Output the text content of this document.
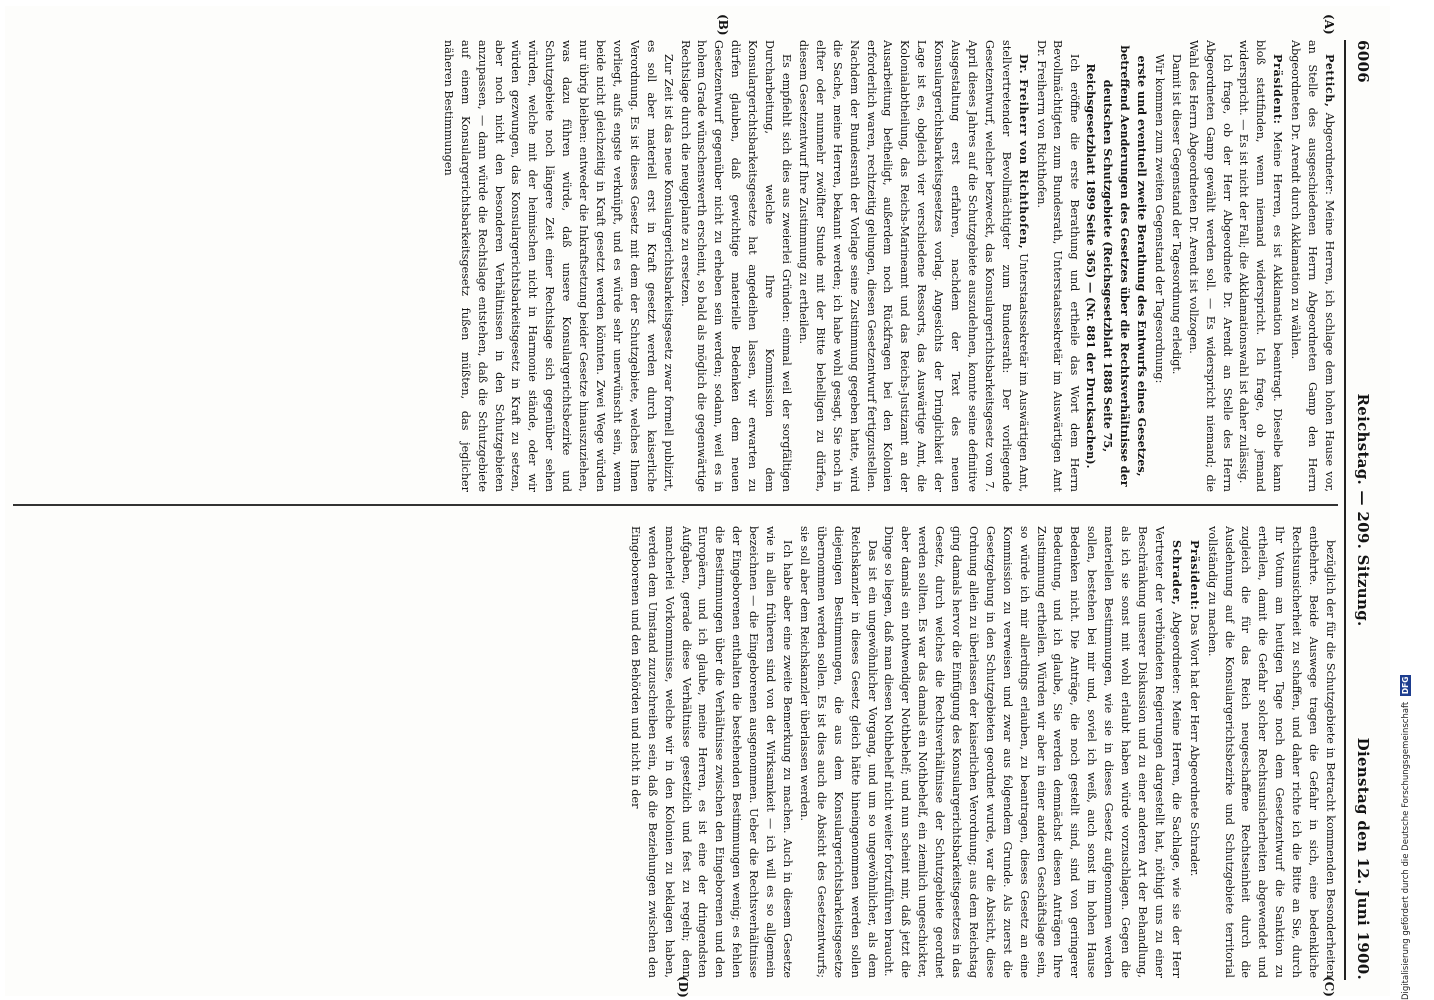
6006
Reichstag. — 209. Sitzung.
Dienstag den 12. Juni 1900.
(A)
(B)
(C)
(D)

Pettich, Abgeordneter: Meine Herren, ich schlage dem hohen Hause vor, an Stelle des ausgeschiedenen Herrn Abgeordneten Gamp den Herrn Abgeordneten Dr. Arendt durch Akklamation zu wählen.

Präsident: Meine Herren, es ist Akklamation beantragt. Dieselbe kann bloß stattfinden, wenn niemand widerspricht. Ich frage, ob jemand widerspricht. — Es ist nicht der Fall; die Akklamationswahl ist daher zulässig.

Ich frage, ob der Herr Abgeordnete Dr. Arendt an Stelle des Herrn Abgeordneten Gamp gewählt werden soll. — Es widerspricht niemand; die Wahl des Herrn Abgeordneten Dr. Arendt ist vollzogen.

Damit ist dieser Gegenstand der Tagesordnung erledigt.

Wir kommen zum zweiten Gegenstand der Tagesordnung:

erste und eventuell zweite Berathung des Entwurfs eines Gesetzes, betreffend Aenderungen des Gesetzes über die Rechtsverhältnisse der deutschen Schutzgebiete (Reichsgesetzblatt 1888 Seite 75, Reichsgesetzblatt 1899 Seite 365) — (Nr. 881 der Drucksachen).

Ich eröffne die erste Berathung und ertheile das Wort dem Herrn Bevollmächtigten zum Bundesrath, Unterstaatssekretär im Auswärtigen Amt Dr. Freiherrn von Richthofen.

Dr. Freiherr von Richthofen, Unterstaatssekretär im Auswärtigen Amt, stellvertretender Bevollmächtigter zum Bundesrath: Der vorliegende Gesetzentwurf, welcher bezweckt, das Konsulargerichtsbarkeitsgesetz vom 7. April dieses Jahres auf die Schutzgebiete auszudehnen, konnte seine definitive Ausgestaltung erst erfahren, nachdem der Text des neuen Konsulargerichtsbarkeitsgesetzes vorlag. Angesichts der Dringlichkeit der Lage ist es, obgleich vier verschiedene Ressorts, das Auswärtige Amt, die Kolonialabtheilung, das Reichs-Marineamt und das Reichs-Justizamt an der Ausarbeitung betheiligt, außerdem noch Rückfragen bei den Kolonien erforderlich waren, rechtzeitig gelungen, diesen Gesetzentwurf fertigzustellen. Nachdem der Bundesrath der Vorlage seine Zustimmung gegeben hatte, wird die Sache, meine Herren, bekannt werden; ich habe wohl gesagt, Sie noch in elfter oder nunmehr zwölfter Stunde mit der Bitte behelligen zu dürfen, diesem Gesetzentwurf Ihre Zustimmung zu ertheilen.

Es empfiehlt sich dies aus zweierlei Gründen: einmal weil der sorgfältigen Durcharbeitung, welche Ihre Kommission dem Konsulargerichtsbarkeitsgesetze hat angedeihen lassen, wir erwarten zu dürfen glauben, daß gewichtige materielle Bedenken dem neuen Gesetzentwurf gegenüber nicht zu erheben sein werden; sodann, weil es in hohem Grade wünschenswerth erscheint, so bald als möglich die gegenwärtige Rechtslage durch die neugeplante zu ersetzen.

Zur Zeit ist das neue Konsulargerichtsbarkeitsgesetz zwar formell publizirt, es soll aber materiell erst in Kraft gesetzt werden durch kaiserliche Verordnung. Es ist dieses Gesetz mit dem der Schutzgebiete, welches Ihnen vorliegt, aufs engste verknüpft, und es würde sehr unerwünscht sein, wenn beide nicht gleichzeitig in Kraft gesetzt werden könnten. Zwei Wege würden nur übrig bleiben: entweder die Inkraftsetzung beider Gesetze hinauszuziehen, was dazu führen würde, daß unsere Konsulargerichtsbezirke und Schutzgebiete noch längere Zeit einer Rechtslage sich gegenüber sehen würden, welche mit der heimischen nicht in Harmonie stände, oder wir würden gezwungen, das Konsulargerichtsbarkeitsgesetz in Kraft zu setzen, aber noch nicht den besonderen Verhältnissen in den Schutzgebieten anzupassen, — dann würde die Rechtslage entstehen, daß die Schutzgebiete auf einem Konsulargerichtsbarkeitsgesetz fußen müßten, das jeglicher näheren Bestimmungen

bezüglich der für die Schutzgebiete in Betracht kommenden Besonderheiten entbehrte. Beide Auswege tragen die Gefahr in sich, eine bedenkliche Rechtsunsicherheit zu schaffen, und daher richte ich die Bitte an Sie, durch Ihr Votum am heutigen Tage noch dem Gesetzentwurf die Sanktion zu ertheilen, damit die Gefahr solcher Rechtsunsicherheiten abgewendet und zugleich die für das Reich neugeschaffene Rechtseinheit durch die Ausdehnung auf die Konsulargerichtsbezirke und Schutzgebiete territorial vollständig zu machen.

Präsident: Das Wort hat der Herr Abgeordnete Schrader.

Schrader, Abgeordneter: Meine Herren, die Sachlage, wie sie der Herr Vertreter der verbündeten Regierungen dargestellt hat, nöthigt uns zu einer Beschränkung unserer Diskussion und zu einer anderen Art der Behandlung, als ich sie sonst mit wohl erlaubt haben würde vorzuschlagen. Gegen die materiellen Bestimmungen, wie sie in dieses Gesetz aufgenommen werden sollen, bestehen bei mir und, soviel ich weiß, auch sonst im hohen Hause Bedenken nicht. Die Anträge, die noch gestellt sind, sind von geringerer Bedeutung, und ich glaube, Sie werden demnächst diesen Anträgen Ihre Zustimmung ertheilen. Würden wir aber in einer anderen Geschäftslage sein, so würde ich mir allerdings erlauben, zu beantragen, dieses Gesetz an eine Kommission zu verweisen und zwar aus folgendem Grunde. Als zuerst die Gesetzgebung in den Schutzgebieten geordnet wurde, war die Absicht, diese Ordnung allein zu überlassen der kaiserlichen Verordnung; aus dem Reichstag ging damals hervor die Einfügung des Konsulargerichtsbarkeitsgesetzes in das Gesetz, durch welches die Rechtsverhältnisse der Schutzgebiete geordnet werden sollten. Es war das damals ein Nothbehelf, ein ziemlich ungeschickter, aber damals ein nothwendiger Nothbehelf; und nun scheint mir, daß jetzt die Dinge so liegen, daß man diesen Nothbehelf nicht weiter fortzuführen braucht.

Das ist ein ungewöhnlicher Vorgang, und um so ungewöhnlicher, als dem Reichskanzler in dieses Gesetz gleich hätte hineingenommen werden sollen diejenigen Bestimmungen, die aus dem Konsulargerichtsbarkeitsgesetze übernommen werden sollen. Es ist dies auch die Absicht des Gesetzentwurfs; sie soll aber dem Reichskanzler überlassen werden.

Ich habe aber eine zweite Bemerkung zu machen. Auch in diesem Gesetze wie in allen früheren sind von der Wirksamkeit — ich will es so allgemein bezeichnen — die Eingeborenen ausgenommen. Ueber die Rechtsverhältnisse der Eingeborenen enthalten die bestehenden Bestimmungen wenig; es fehlen die Bestimmungen über die Verhältnisse zwischen den Eingeborenen und den Europäern, und ich glaube, meine Herren, es ist eine der dringendsten Aufgaben, gerade diese Verhältnisse gesetzlich und fest zu regeln; denn mancherlei Vorkommnisse, welche wir in den Kolonien zu beklagen haben, werden dem Umstand zuzuschreiben sein, daß die Beziehungen zwischen den Eingeborenen und den Behörden und nicht in der

Digitalisierung gefördert durch die Deutsche Forschungsgemeinschaft DFG
